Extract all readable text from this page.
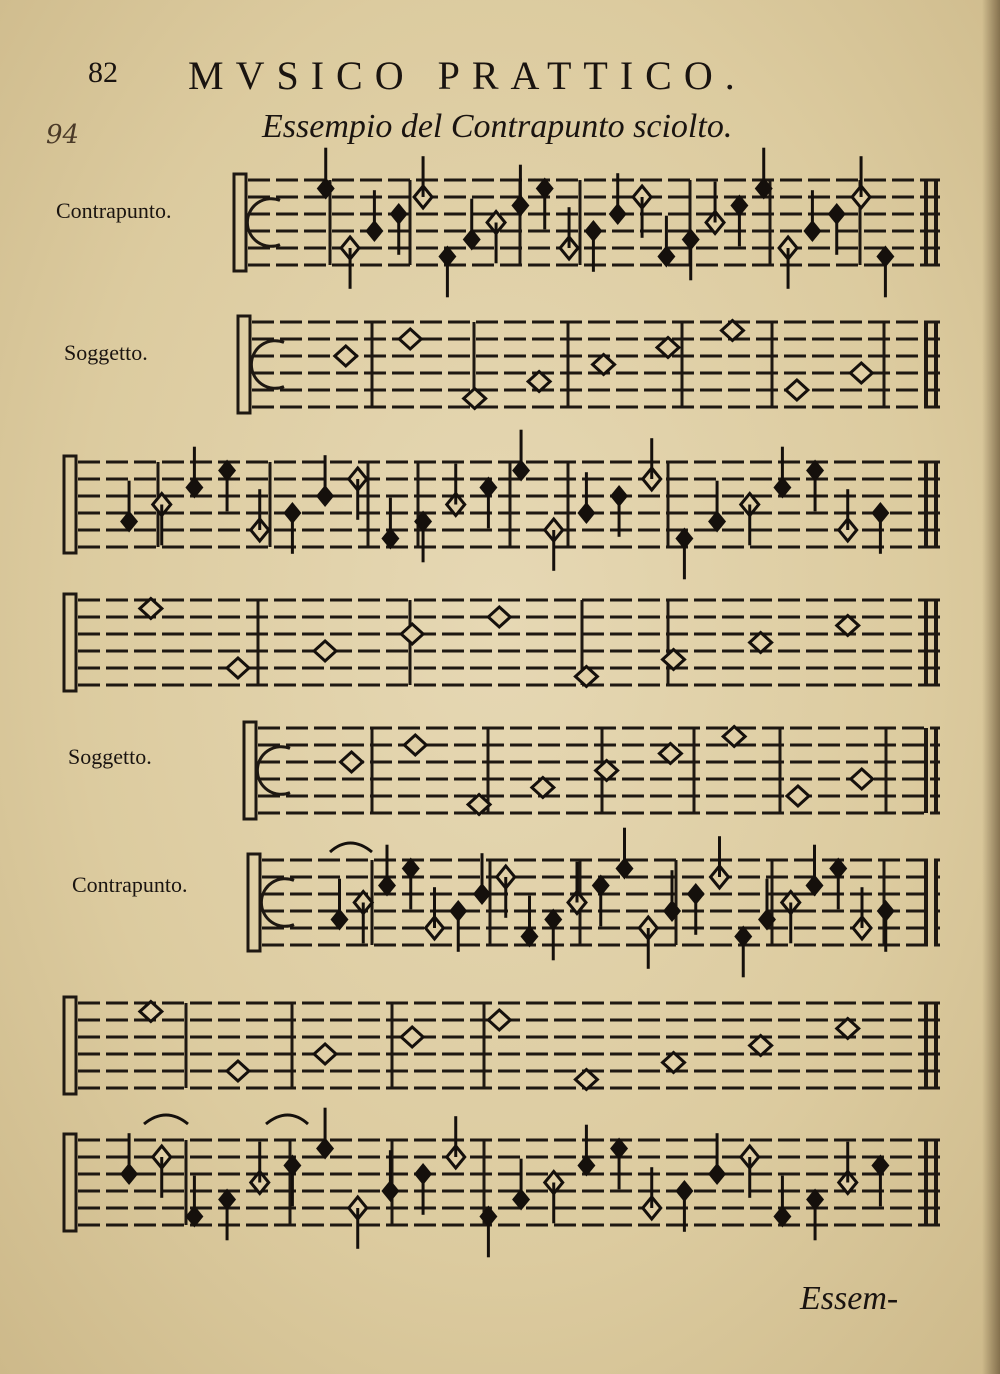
82 MVSICO PRATTICO.
94	Essempio del Contrapunto sciolto.
Contrapunto.
Soggetto.
Soggetto.
Contrapunto.
Essem-
